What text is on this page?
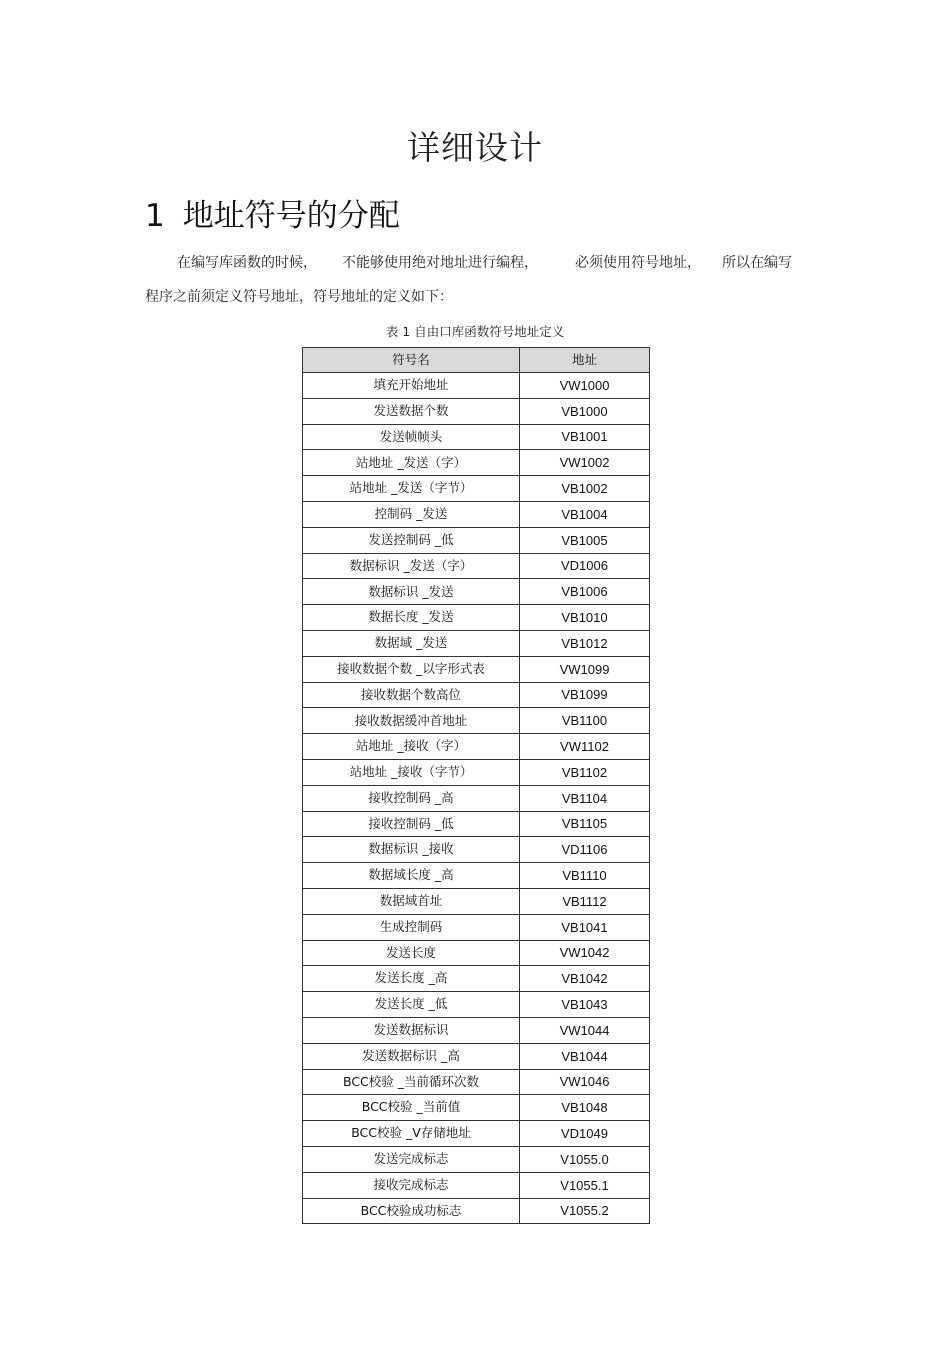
详细设计
1 地址符号的分配
在编写库函数的时候， 不能够使用绝对地址进行编程，	必须使用符号地址， 所以在编写
程序之前须定义符号地址，符号地址的定义如下：
表 1 自由口库函数符号地址定义
符号名	地址
填充开始地址	VW1000
发送数据个数	VB1000
发送帧帧头	VB1001
站地址 _发送（字）	VW1002
站地址 _发送（字节）	VB1002
控制码 _发送	VB1004
发送控制码 _低	VB1005
数据标识 _发送（字）	VD1006
数据标识 _发送	VB1006
数据长度 _发送	VB1010
数据域 _发送	VB1012
接收数据个数 _以字形式表	VW1099
接收数据个数高位	VB1099
接收数据缓冲首地址	VB1100
站地址 _接收（字）	VW1102
站地址 _接收（字节）	VB1102
接收控制码 _高	VB1104
接收控制码 _低	VB1105
数据标识 _接收	VD1106
数据域长度 _高	VB1110
数据域首址	VB1112
生成控制码	VB1041
发送长度	VW1042
发送长度 _高	VB1042
发送长度 _低	VB1043
发送数据标识	VW1044
发送数据标识 _高	VB1044
BCC校验 _当前循环次数	VW1046
BCC校验 _当前值	VB1048
BCC校验 _V存储地址	VD1049
发送完成标志	V1055.0
接收完成标志	V1055.1
BCC校验成功标志	V1055.2
